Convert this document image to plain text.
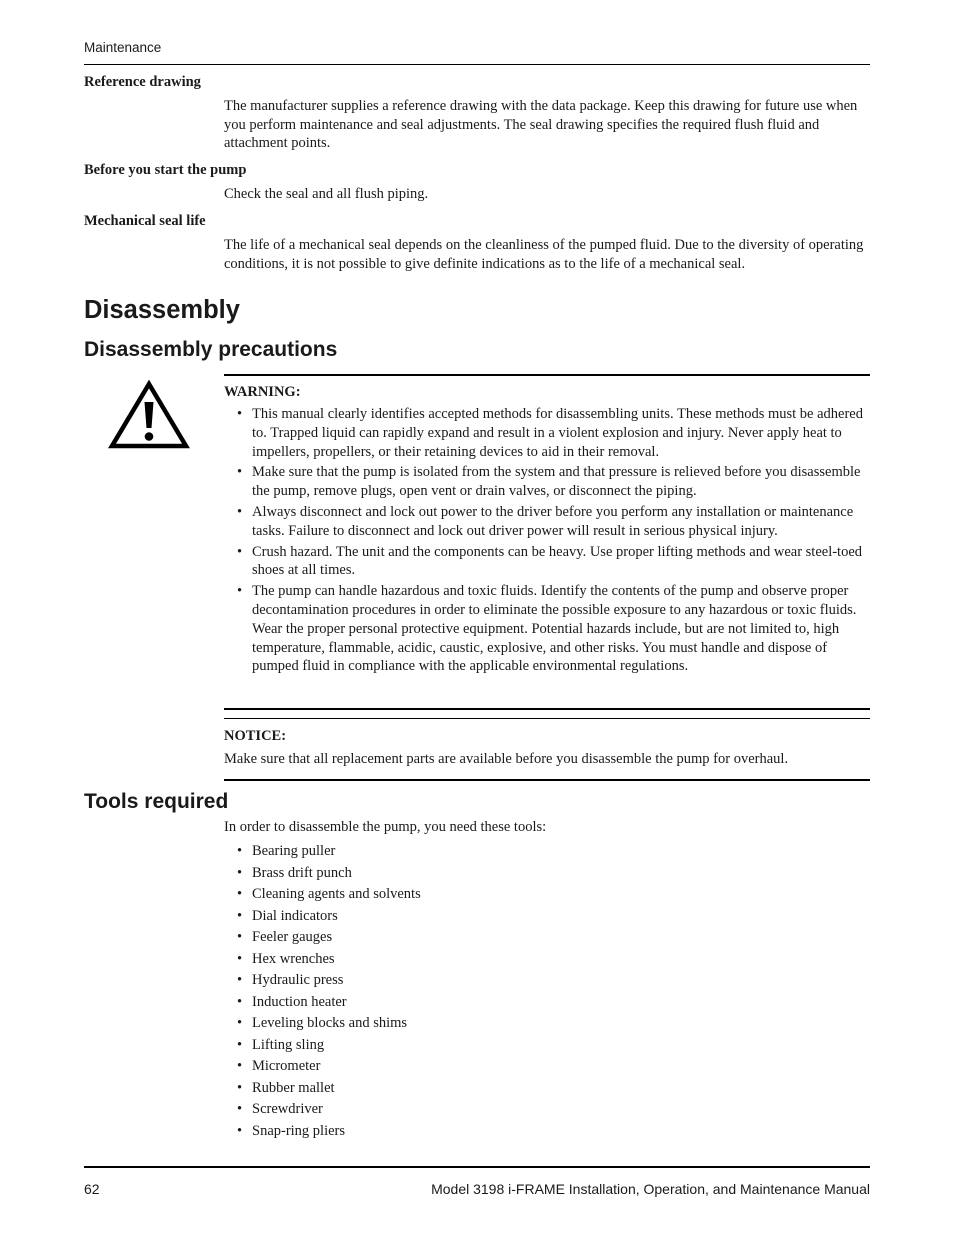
Maintenance
Reference drawing
The manufacturer supplies a reference drawing with the data package. Keep this drawing for future use when you perform maintenance and seal adjustments. The seal drawing specifies the required flush fluid and attachment points.
Before you start the pump
Check the seal and all flush piping.
Mechanical seal life
The life of a mechanical seal depends on the cleanliness of the pumped fluid. Due to the diversity of operating conditions, it is not possible to give definite indications as to the life of a mechanical seal.
Disassembly
Disassembly precautions
WARNING:
• This manual clearly identifies accepted methods for disassembling units. These methods must be adhered to. Trapped liquid can rapidly expand and result in a violent explosion and injury. Never apply heat to impellers, propellers, or their retaining devices to aid in their removal.
• Make sure that the pump is isolated from the system and that pressure is relieved before you disassemble the pump, remove plugs, open vent or drain valves, or disconnect the piping.
• Always disconnect and lock out power to the driver before you perform any installation or maintenance tasks. Failure to disconnect and lock out driver power will result in serious physical injury.
• Crush hazard. The unit and the components can be heavy. Use proper lifting methods and wear steel-toed shoes at all times.
• The pump can handle hazardous and toxic fluids. Identify the contents of the pump and observe proper decontamination procedures in order to eliminate the possible exposure to any hazardous or toxic fluids. Wear the proper personal protective equipment. Potential hazards include, but are not limited to, high temperature, flammable, acidic, caustic, explosive, and other risks. You must handle and dispose of pumped fluid in compliance with the applicable environmental regulations.
NOTICE:
Make sure that all replacement parts are available before you disassemble the pump for overhaul.
Tools required
In order to disassemble the pump, you need these tools:
• Bearing puller
• Brass drift punch
• Cleaning agents and solvents
• Dial indicators
• Feeler gauges
• Hex wrenches
• Hydraulic press
• Induction heater
• Leveling blocks and shims
• Lifting sling
• Micrometer
• Rubber mallet
• Screwdriver
• Snap-ring pliers
62	Model 3198 i-FRAME Installation, Operation, and Maintenance Manual
